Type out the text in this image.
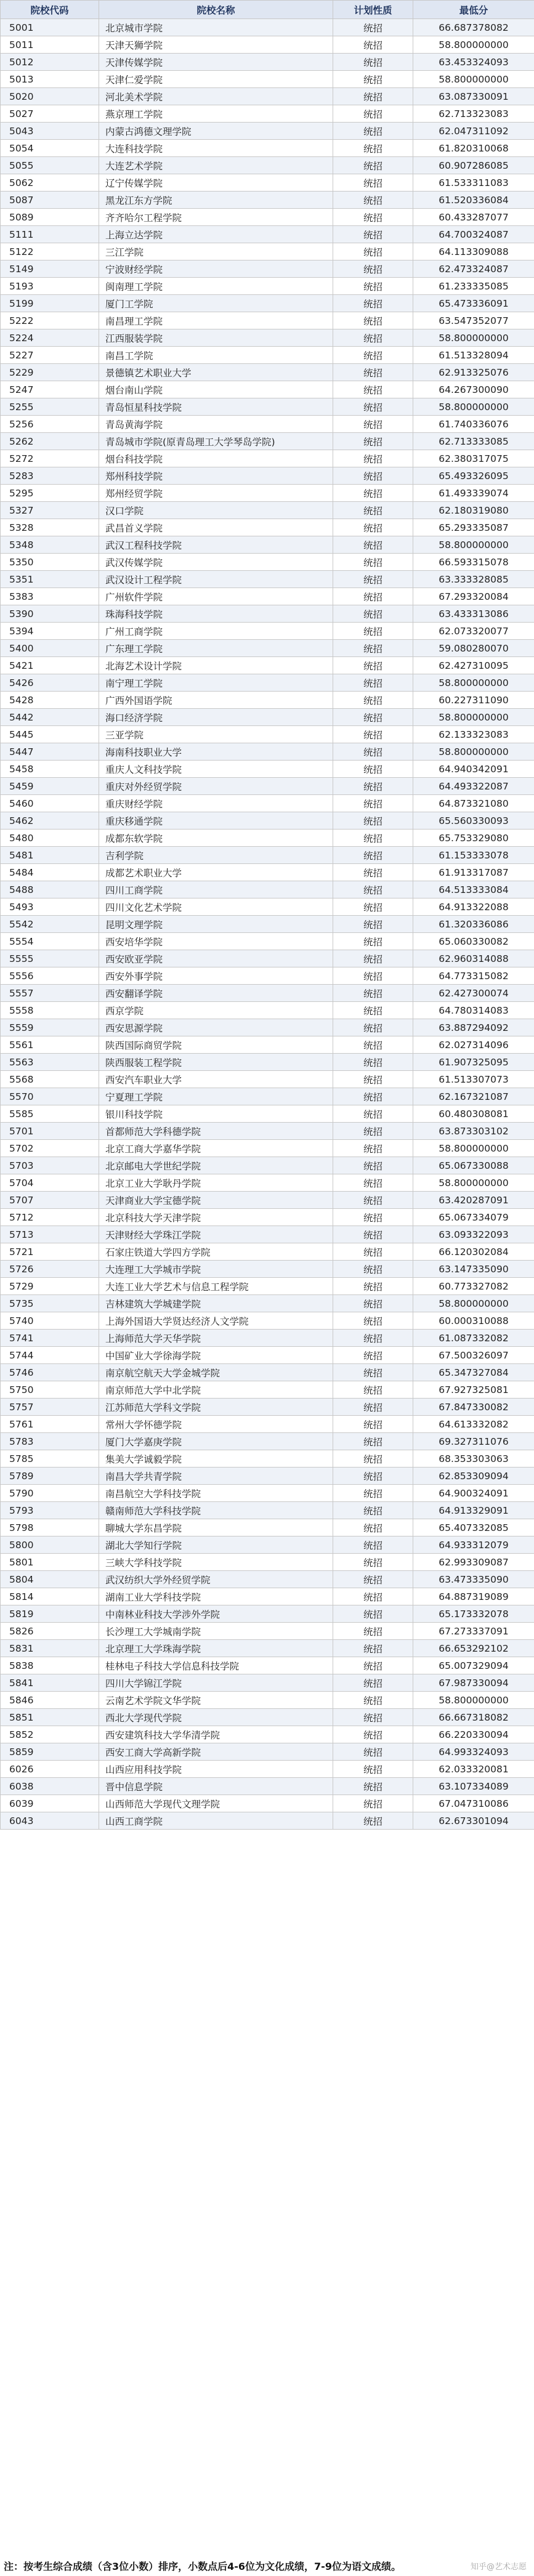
院校代码	院校名称	计划性质	最低分
5001	北京城市学院	统招	66.687378082
5011	天津天狮学院	统招	58.800000000
5012	天津传媒学院	统招	63.453324093
5013	天津仁爱学院	统招	58.800000000
5020	河北美术学院	统招	63.087330091
5027	燕京理工学院	统招	62.713323083
5043	内蒙古鸿德文理学院	统招	62.047311092
5054	大连科技学院	统招	61.820310068
5055	大连艺术学院	统招	60.907286085
5062	辽宁传媒学院	统招	61.533311083
5087	黑龙江东方学院	统招	61.520336084
5089	齐齐哈尔工程学院	统招	60.433287077
5111	上海立达学院	统招	64.700324087
5122	三江学院	统招	64.113309088
5149	宁波财经学院	统招	62.473324087
5193	闽南理工学院	统招	61.233335085
5199	厦门工学院	统招	65.473336091
5222	南昌理工学院	统招	63.547352077
5224	江西服装学院	统招	58.800000000
5227	南昌工学院	统招	61.513328094
5229	景德镇艺术职业大学	统招	62.913325076
5247	烟台南山学院	统招	64.267300090
5255	青岛恒星科技学院	统招	58.800000000
5256	青岛黄海学院	统招	61.740336076
5262	青岛城市学院(原青岛理工大学琴岛学院)	统招	62.713333085
5272	烟台科技学院	统招	62.380317075
5283	郑州科技学院	统招	65.493326095
5295	郑州经贸学院	统招	61.493339074
5327	汉口学院	统招	62.180319080
5328	武昌首义学院	统招	65.293335087
5348	武汉工程科技学院	统招	58.800000000
5350	武汉传媒学院	统招	66.593315078
5351	武汉设计工程学院	统招	63.333328085
5383	广州软件学院	统招	67.293320084
5390	珠海科技学院	统招	63.433313086
5394	广州工商学院	统招	62.073320077
5400	广东理工学院	统招	59.080280070
5421	北海艺术设计学院	统招	62.427310095
5426	南宁理工学院	统招	58.800000000
5428	广西外国语学院	统招	60.227311090
5442	海口经济学院	统招	58.800000000
5445	三亚学院	统招	62.133323083
5447	海南科技职业大学	统招	58.800000000
5458	重庆人文科技学院	统招	64.940342091
5459	重庆对外经贸学院	统招	64.493322087
5460	重庆财经学院	统招	64.873321080
5462	重庆移通学院	统招	65.560330093
5480	成都东软学院	统招	65.753329080
5481	吉利学院	统招	61.153333078
5484	成都艺术职业大学	统招	61.913317087
5488	四川工商学院	统招	64.513333084
5493	四川文化艺术学院	统招	64.913322088
5542	昆明文理学院	统招	61.320336086
5554	西安培华学院	统招	65.060330082
5555	西安欧亚学院	统招	62.960314088
5556	西安外事学院	统招	64.773315082
5557	西安翻译学院	统招	62.427300074
5558	西京学院	统招	64.780314083
5559	西安思源学院	统招	63.887294092
5561	陕西国际商贸学院	统招	62.027314096
5563	陕西服装工程学院	统招	61.907325095
5568	西安汽车职业大学	统招	61.513307073
5570	宁夏理工学院	统招	62.167321087
5585	银川科技学院	统招	60.480308081
5701	首都师范大学科德学院	统招	63.873303102
5702	北京工商大学嘉华学院	统招	58.800000000
5703	北京邮电大学世纪学院	统招	65.067330088
5704	北京工业大学耿丹学院	统招	58.800000000
5707	天津商业大学宝德学院	统招	63.420287091
5712	北京科技大学天津学院	统招	65.067334079
5713	天津财经大学珠江学院	统招	63.093322093
5721	石家庄铁道大学四方学院	统招	66.120302084
5726	大连理工大学城市学院	统招	63.147335090
5729	大连工业大学艺术与信息工程学院	统招	60.773327082
5735	吉林建筑大学城建学院	统招	58.800000000
5740	上海外国语大学贤达经济人文学院	统招	60.000310088
5741	上海师范大学天华学院	统招	61.087332082
5744	中国矿业大学徐海学院	统招	67.500326097
5746	南京航空航天大学金城学院	统招	65.347327084
5750	南京师范大学中北学院	统招	67.927325081
5757	江苏师范大学科文学院	统招	67.847330082
5761	常州大学怀德学院	统招	64.613332082
5783	厦门大学嘉庚学院	统招	69.327311076
5785	集美大学诚毅学院	统招	68.353303063
5789	南昌大学共青学院	统招	62.853309094
5790	南昌航空大学科技学院	统招	64.900324091
5793	赣南师范大学科技学院	统招	64.913329091
5798	聊城大学东昌学院	统招	65.407332085
5800	湖北大学知行学院	统招	64.933312079
5801	三峡大学科技学院	统招	62.993309087
5804	武汉纺织大学外经贸学院	统招	63.473335090
5814	湖南工业大学科技学院	统招	64.887319089
5819	中南林业科技大学涉外学院	统招	65.173332078
5826	长沙理工大学城南学院	统招	67.273337091
5831	北京理工大学珠海学院	统招	66.653292102
5838	桂林电子科技大学信息科技学院	统招	65.007329094
5841	四川大学锦江学院	统招	67.987330094
5846	云南艺术学院文华学院	统招	58.800000000
5851	西北大学现代学院	统招	66.667318082
5852	西安建筑科技大学华清学院	统招	66.220330094
5859	西安工商大学高新学院	统招	64.993324093
6026	山西应用科技学院	统招	62.033320081
6038	晋中信息学院	统招	63.107334089
6039	山西师范大学现代文理学院	统招	67.047310086
6043	山西工商学院	统招	62.673301094
注：按考生综合成绩（含3位小数）排序，小数点后4-6位为文化成绩，7-9位为语文成绩。	知乎@艺术志愿
